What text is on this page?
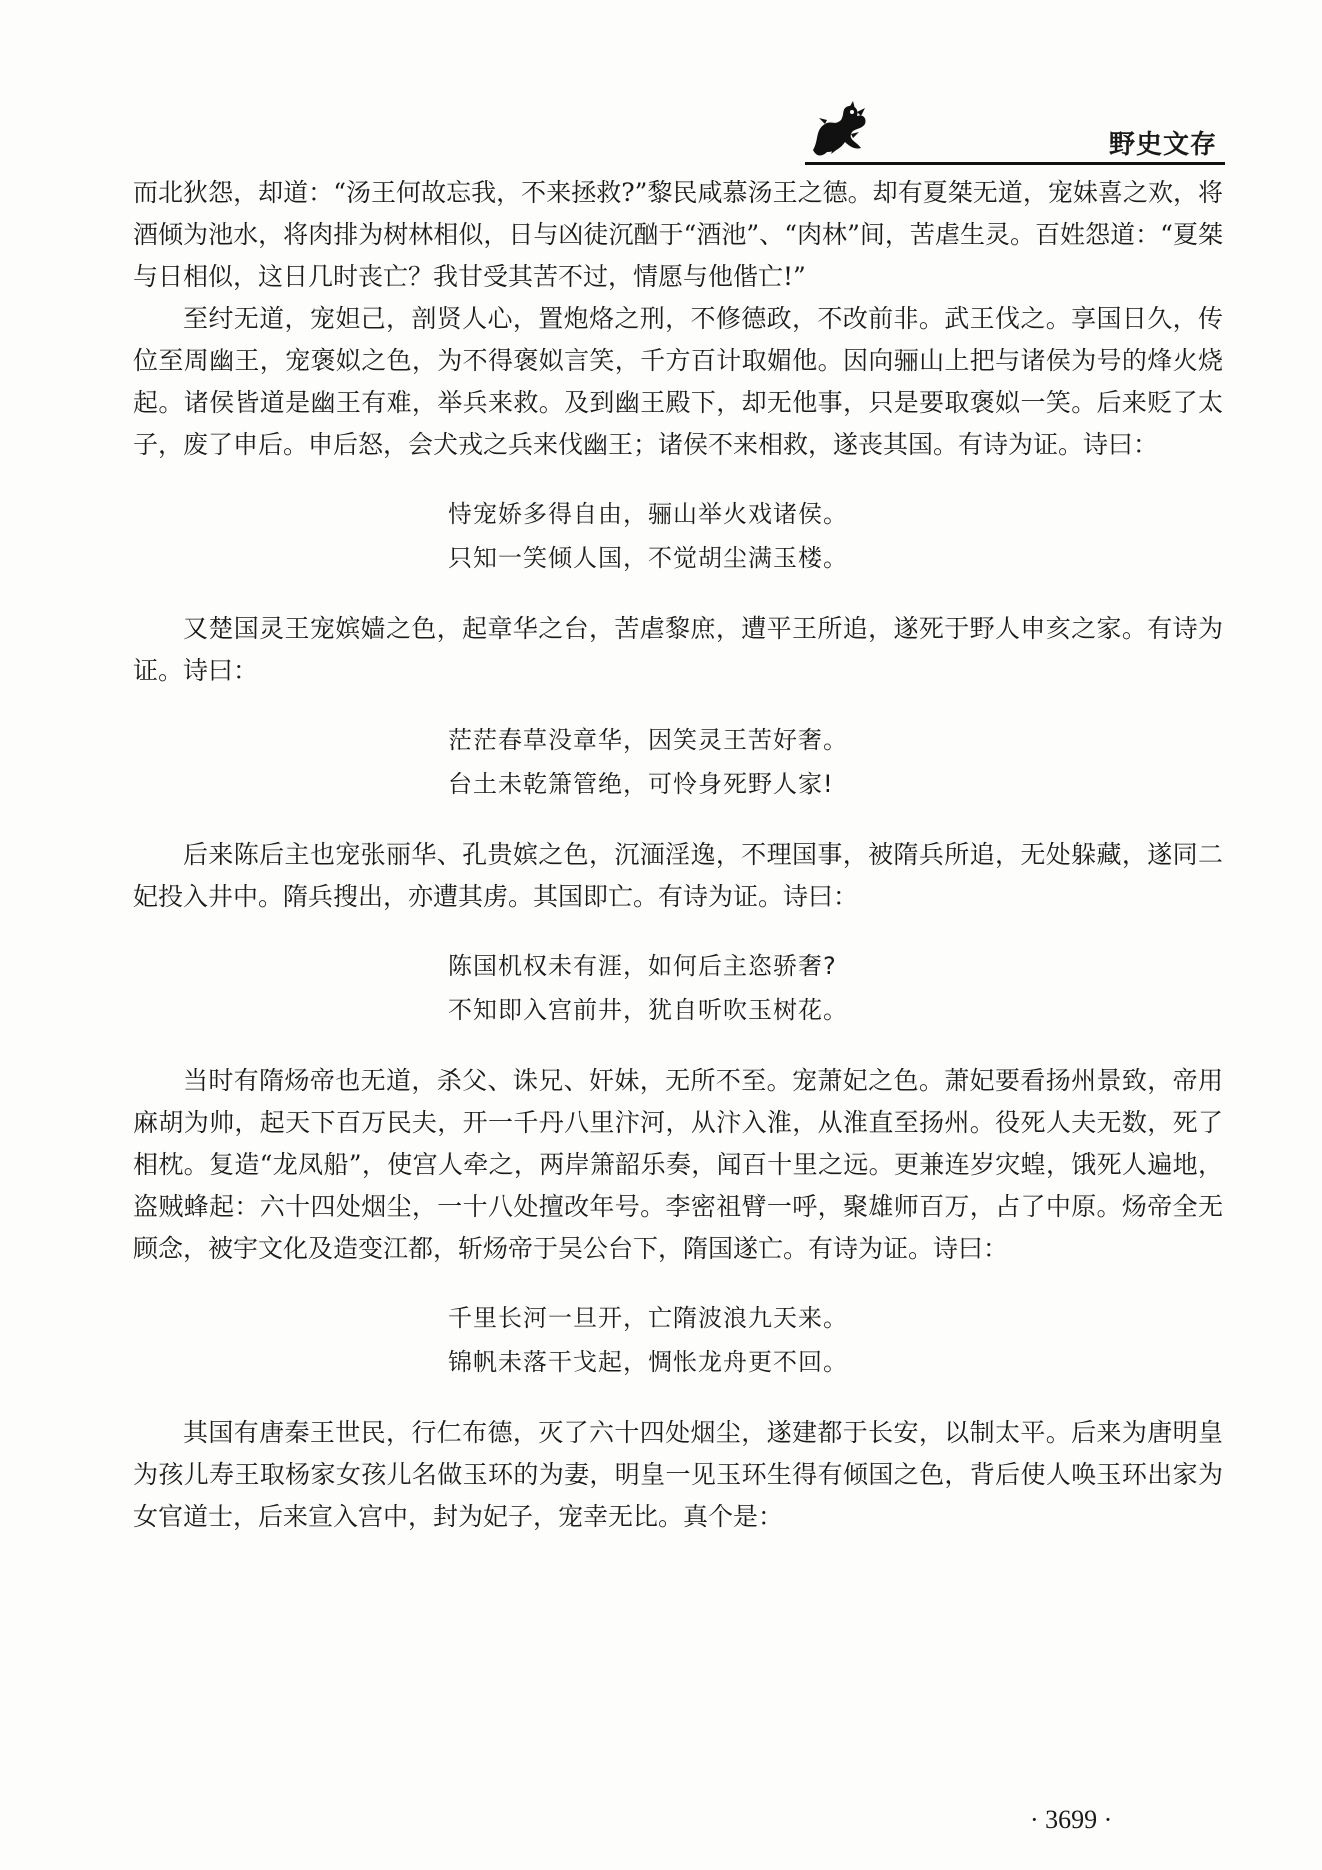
野史文存

而北狄怨，却道：“汤王何故忘我，不来拯救?”黎民咸慕汤王之德。却有夏桀无道，宠妹喜之欢，将酒倾为池水，将肉排为树林相似，日与凶徒沉酗于“酒池”、“肉林”间，苦虐生灵。百姓怨道：“夏桀与日相似，这日几时丧亡？我甘受其苦不过，情愿与他偕亡!”

至纣无道，宠妲己，剖贤人心，置炮烙之刑，不修德政，不改前非。武王伐之。享国日久，传位至周幽王，宠褒姒之色，为不得褒姒言笑，千方百计取媚他。因向骊山上把与诸侯为号的烽火烧起。诸侯皆道是幽王有难，举兵来救。及到幽王殿下，却无他事，只是要取褒姒一笑。后来贬了太子，废了申后。申后怒，会犬戎之兵来伐幽王；诸侯不来相救，遂丧其国。有诗为证。诗曰：

恃宠娇多得自由，骊山举火戏诸侯。
只知一笑倾人国，不觉胡尘满玉楼。

又楚国灵王宠嫔嫱之色，起章华之台，苦虐黎庶，遭平王所追，遂死于野人申亥之家。有诗为证。诗曰：

茫茫春草没章华，因笑灵王苦好奢。
台土未乾箫管绝，可怜身死野人家!

后来陈后主也宠张丽华、孔贵嫔之色，沉湎淫逸，不理国事，被隋兵所追，无处躲藏，遂同二妃投入井中。隋兵搜出，亦遭其虏。其国即亡。有诗为证。诗曰：

陈国机权未有涯，如何后主恣骄奢?
不知即入宫前井，犹自听吹玉树花。

当时有隋炀帝也无道，杀父、诛兄、奸妹，无所不至。宠萧妃之色。萧妃要看扬州景致，帝用麻胡为帅，起天下百万民夫，开一千丹八里汴河，从汴入淮，从淮直至扬州。役死人夫无数，死了相枕。复造“龙凤船”，使宫人牵之，两岸箫韶乐奏，闻百十里之远。更兼连岁灾蝗，饿死人遍地，盗贼蜂起：六十四处烟尘，一十八处擅改年号。李密祖臂一呼，聚雄师百万，占了中原。炀帝全无顾念，被宇文化及造变江都，斩炀帝于吴公台下，隋国遂亡。有诗为证。诗曰：

千里长河一旦开，亡隋波浪九天来。
锦帆未落干戈起，惆怅龙舟更不回。

其国有唐秦王世民，行仁布德，灭了六十四处烟尘，遂建都于长安，以制太平。后来为唐明皇为孩儿寿王取杨家女孩儿名做玉环的为妻，明皇一见玉环生得有倾国之色，背后使人唤玉环出家为女官道士，后来宣入宫中，封为妃子，宠幸无比。真个是：

· 3699 ·
